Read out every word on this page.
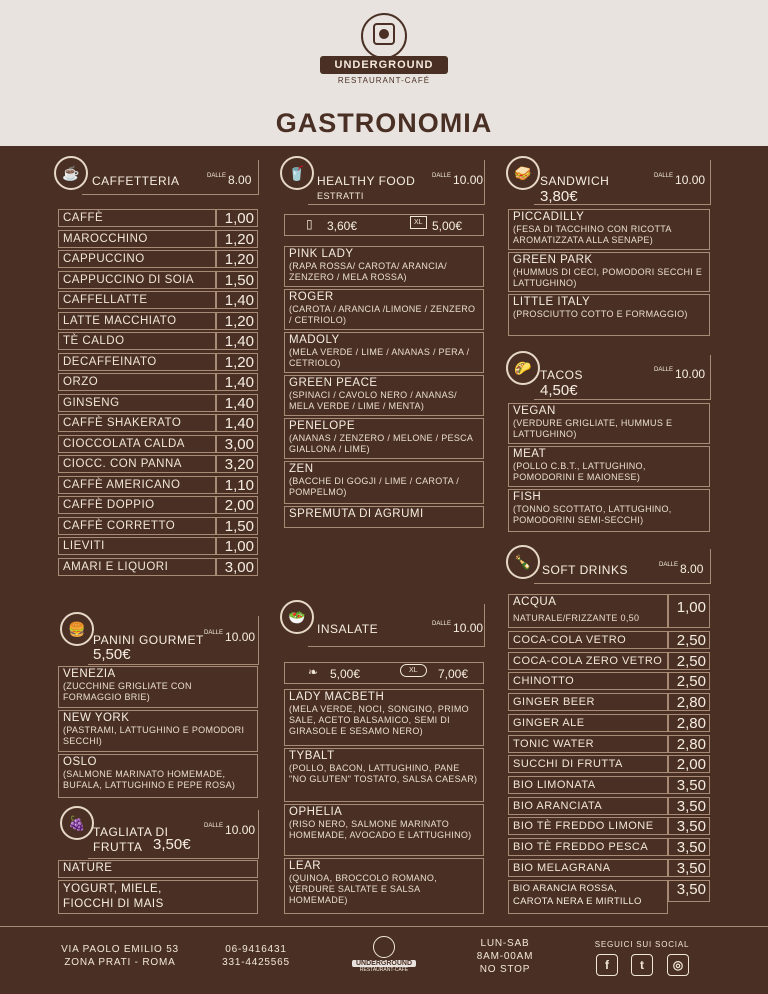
UNDERGROUND
RESTAURANT-CAFÉ
GASTRONOMIA
☕
CAFFETTERIA	$^{DALLE}$ 8.00
CAFFÈ	1,00
MAROCCHINO	1,20
CAPPUCCINO	1,20
CAPPUCCINO DI SOIA	1,50
CAFFELLATTE	1,40
LATTE MACCHIATO	1,20
TÈ CALDO	1,40
DECAFFEINATO	1,20
ORZO	1,40
GINSENG	1,40
CAFFÈ SHAKERATO	1,40
CIOCCOLATA CALDA	3,00
CIOCC. CON PANNA	3,20
CAFFÈ AMERICANO	1,10
CAFFÈ DOPPIO	2,00
CAFFÈ CORRETTO	1,50
LIEVITI	1,00
AMARI E LIQUORI	3,00
🥤
HEALTHY FOOD
ESTRATTI
$^{DALLE}$ 10.00
▯ 3,60€	XL 5,00€
PINK LADY
(RAPA ROSSA/ CAROTA/ ARANCIA/ ZENZERO / MELA ROSSA)
ROGER
(CAROTA / ARANCIA /LIMONE / ZENZERO / CETRIOLO)
MADOLY
(MELA VERDE / LIME / ANANAS / PERA / CETRIOLO)
GREEN PEACE
(SPINACI / CAVOLO NERO / ANANAS/ MELA VERDE / LIME / MENTA)
PENELOPE
(ANANAS / ZENZERO / MELONE / PESCA GIALLONA / LIME)
ZEN
(BACCHE DI GOGJI / LIME / CAROTA / POMPELMO)
SPREMUTA DI AGRUMI
🥪
SANDWICH
3,80€
$^{DALLE}$ 10.00
PICCADILLY
(FESA DI TACCHINO CON RICOTTA AROMATIZZATA ALLA SENAPE)
GREEN PARK
(HUMMUS DI CECI, POMODORI SECCHI E LATTUGHINO)
LITTLE ITALY
(PROSCIUTTO COTTO E FORMAGGIO)
🌮 TACOS
4,50€
$^{DALLE}$ 10.00
VEGAN
(VERDURE GRIGLIATE, HUMMUS E LATTUGHINO)
MEAT
(POLLO C.B.T., LATTUGHINO, POMODORINI E MAIONESE)
FISH
(TONNO SCOTTATO, LATTUGHINO, POMODORINI SEMI-SECCHI)
🍾
SOFT DRINKS	$^{DALLE}$ 8.00
ACQUA
NATURALE/FRIZZANTE 0,50
1,00
COCA-COLA VETRO	2,50
COCA-COLA ZERO VETRO 2,50
CHINOTTO	2,50
GINGER BEER	2,80
GINGER ALE	2,80
TONIC WATER	2,80
SUCCHI DI FRUTTA	2,00
BIO LIMONATA	3,50
BIO ARANCIATA	3,50
BIO TÈ FREDDO LIMONE	3,50
BIO TÈ FREDDO PESCA	3,50
BIO MELAGRANA	3,50
BIO ARANCIA ROSSA,
CAROTA NERA E MIRTILLO
3,50
🍔
PANINI GOURMET
5,50€
$^{DALLE}$ 10.00
VENEZIA
(ZUCCHINE GRIGLIATE CON FORMAGGIO BRIE)
NEW YORK
(PASTRAMI, LATTUGHINO E POMODORI SECCHI)
OSLO
(SALMONE MARINATO HOMEMADE, BUFALA, LATTUGHINO E PEPE ROSA)
🍇
TAGLIATA DI
FRUTTA 3,50€
$^{DALLE}$ 10.00
NATURE
YOGURT, MIELE,
FIOCCHI DI MAIS
🥗
INSALATE	$^{DALLE}$ 10.00
❧ 5,00€	XL	7,00€
LADY MACBETH
(MELA VERDE, NOCI, SONGINO, PRIMO SALE, ACETO BALSAMICO, SEMI DI GIRASOLE E SESAMO NERO)
TYBALT
(POLLO, BACON, LATTUGHINO, PANE "NO GLUTEN" TOSTATO, SALSA CAESAR)
OPHELIA
(RISO NERO, SALMONE MARINATO HOMEMADE, AVOCADO E LATTUGHINO)
LEAR
(QUINOA, BROCCOLO ROMANO, VERDURE SALTATE E SALSA HOMEMADE)
VIA PAOLO EMILIO 53
ZONA PRATI - ROMA
06-9416431
331-4425565	UNDERGROUND
RESTAURANT-CAFÉ
LUN-SAB
8AM-00AM
NO STOP
SEGUICI SUI SOCIAL
f	t	◎
